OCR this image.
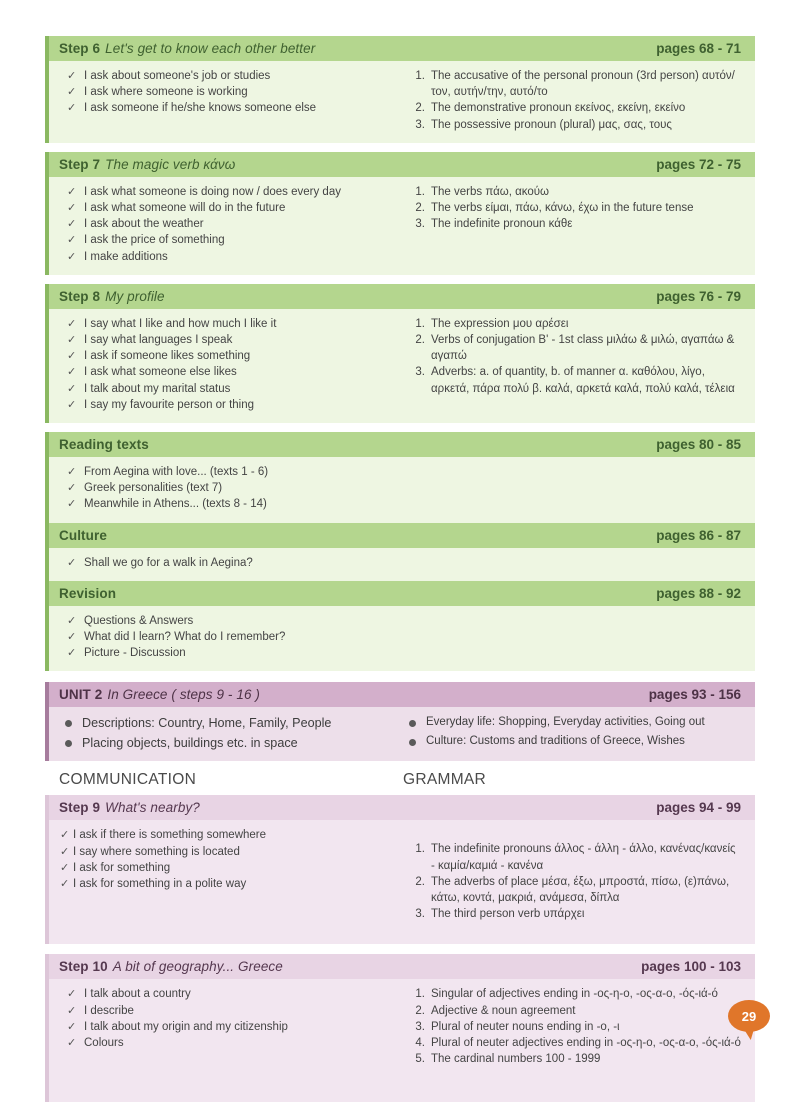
Step 6 Let's get to know each other better	pages 68 - 71
✓ I ask about someone's job or studies
✓ I ask where someone is working
✓ I ask someone if he/she knows someone else
The accusative of the personal pronoun (3rd person) αυτόν/τον, αυτήν/την, αυτό/το
The demonstrative pronoun εκείνος, εκείνη, εκείνο
The possessive pronoun (plural) μας, σας, τους
Step 7 The magic verb κάνω	pages 72 - 75
✓ I ask what someone is doing now / does every day
✓ I ask what someone will do in the future
✓ I ask about the weather
✓ I ask the price of something
✓ I make additions
The verbs πάω, ακούω
The verbs είμαι, πάω, κάνω, έχω in the future tense
The indefinite pronoun κάθε
Step 8 My profile	pages 76 - 79
✓ I say what I like and how much I like it
✓ I say what languages I speak
✓ I ask if someone likes something
✓ I ask what someone else likes
✓ I talk about my marital status
✓ I say my favourite person or thing
The expression μου αρέσει
Verbs of conjugation B' - 1st class μιλάω & μιλώ, αγαπάω & αγαπώ
Adverbs: a. of quantity, b. of manner α. καθόλου, λίγο, αρκετά, πάρα πολύ β. καλά, αρκετά καλά, πολύ καλά, τέλεια
Reading texts	pages 80 - 85
✓ From Aegina with love... (texts 1 - 6)
✓ Greek personalities (text 7)
✓ Meanwhile in Athens... (texts 8 - 14)
Culture	pages 86 - 87
✓ Shall we go for a walk in Aegina?
Revision	pages 88 - 92
✓ Questions & Answers
✓ What did I learn? What do I remember?
✓ Picture - Discussion
UNIT 2 In Greece ( steps 9 - 16 )	pages 93 - 156
Descriptions: Country, Home, Family, People
Placing objects, buildings etc. in space
Everyday life: Shopping, Everyday activities, Going out
Culture: Customs and traditions of Greece, Wishes
COMMUNICATION	GRAMMAR
Step 9 What's nearby?	pages 94 - 99
✓ I ask if there is something somewhere
✓ I say where something is located
✓ I ask for something
✓ I ask for something in a polite way
The indefinite pronouns άλλος - άλλη - άλλο, κανένας/κανείς - καμία/καμιά - κανένα
The adverbs of place μέσα, έξω, μπροστά, πίσω, (ε)πάνω, κάτω, κοντά, μακριά, ανάμεσα, δίπλα
The third person verb υπάρχει
Step 10 A bit of geography... Greece	pages 100 - 103
✓ I talk about a country
✓ I describe
✓ I talk about my origin and my citizenship
✓ Colours
Singular of adjectives ending in -ος-η-ο, -ος-α-ο, -ός-ιά-ό
Adjective & noun agreement
Plural of neuter nouns ending in -ο, -ι
Plural of neuter adjectives ending in -ος-η-ο, -ος-α-ο, -ός-ιά-ό
The cardinal numbers 100 - 1999
29
